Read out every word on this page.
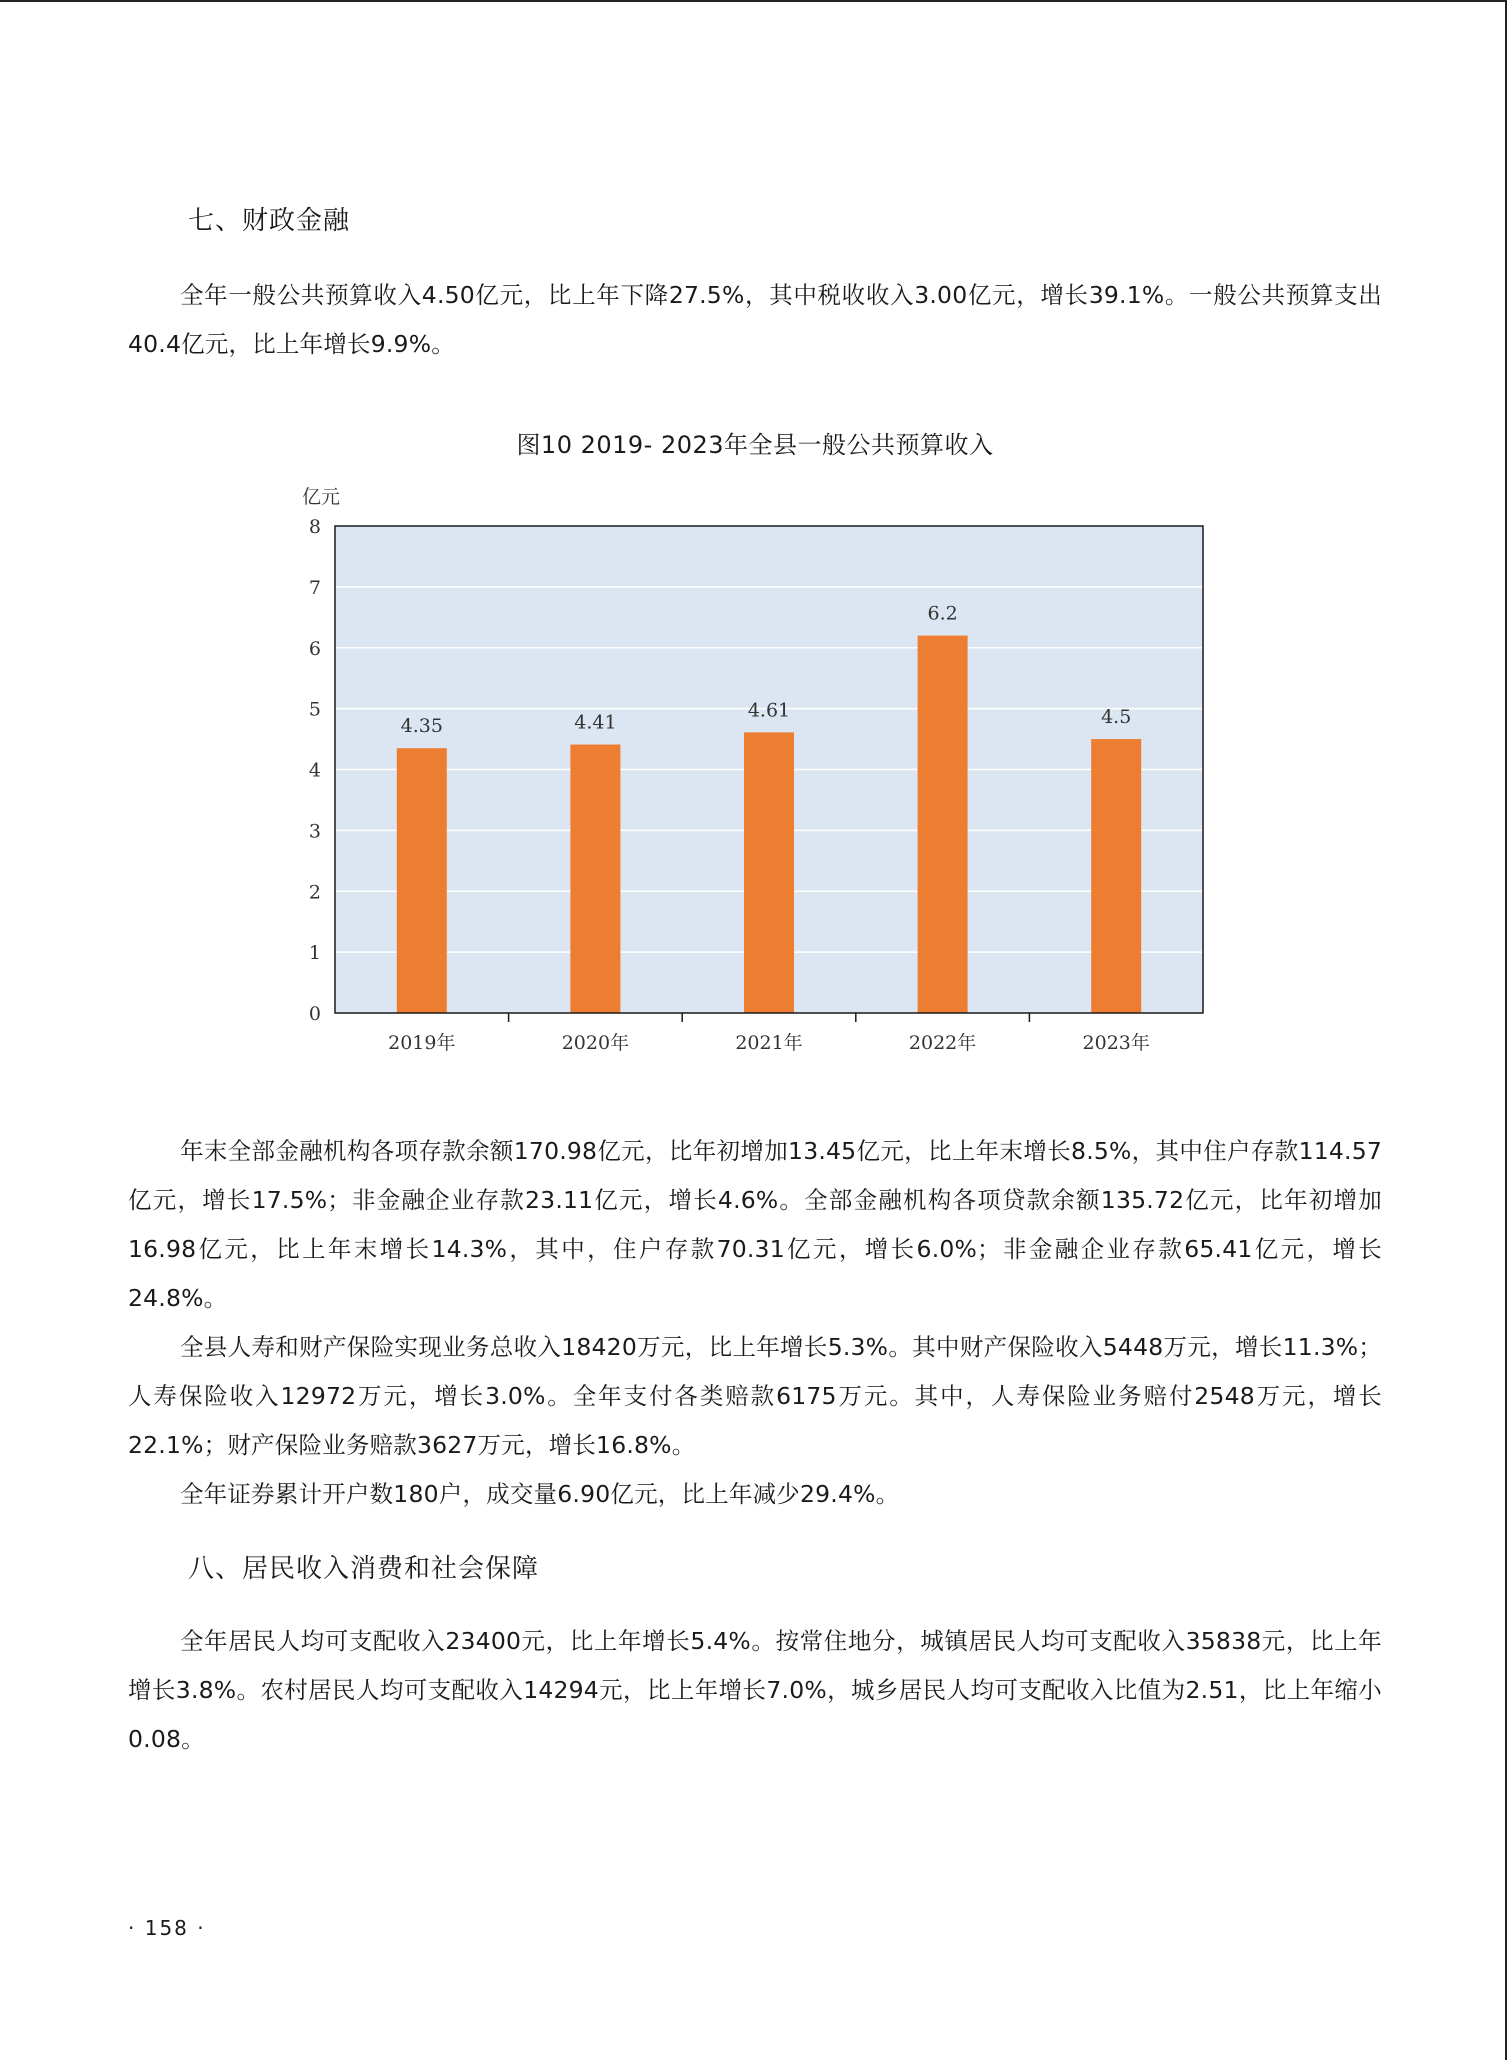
七、财政金融

全年一般公共预算收入4.50亿元，比上年下降27.5%，其中税收收入3.00亿元，增长39.1%。一般公共预算支出40.4亿元，比上年增长9.9%。

图10 2019- 2023年全县一般公共预算收入
0
1
2
3
4
5
6
7
8
4.35
2019年
4.41
2020年
4.61
2021年
6.2
2022年
4.5
2023年
亿元

年末全部金融机构各项存款余额170.98亿元，比年初增加13.45亿元，比上年末增长8.5%，其中住户存款114.57亿元，增长17.5%；非金融企业存款23.11亿元，增长4.6%。全部金融机构各项贷款余额135.72亿元，比年初增加16.98亿元，比上年末增长14.3%，其中，住户存款70.31亿元，增长6.0%；非金融企业存款65.41亿元，增长24.8%。

全县人寿和财产保险实现业务总收入18420万元，比上年增长5.3%。其中财产保险收入5448万元，增长11.3%；人寿保险收入12972万元，增长3.0%。全年支付各类赔款6175万元。其中，人寿保险业务赔付2548万元，增长22.1%；财产保险业务赔款3627万元，增长16.8%。

全年证券累计开户数180户，成交量6.90亿元，比上年减少29.4%。

八、居民收入消费和社会保障

全年居民人均可支配收入23400元，比上年增长5.4%。按常住地分，城镇居民人均可支配收入35838元，比上年增长3.8%。农村居民人均可支配收入14294元，比上年增长7.0%，城乡居民人均可支配收入比值为2.51，比上年缩小0.08。

· 158 ·
